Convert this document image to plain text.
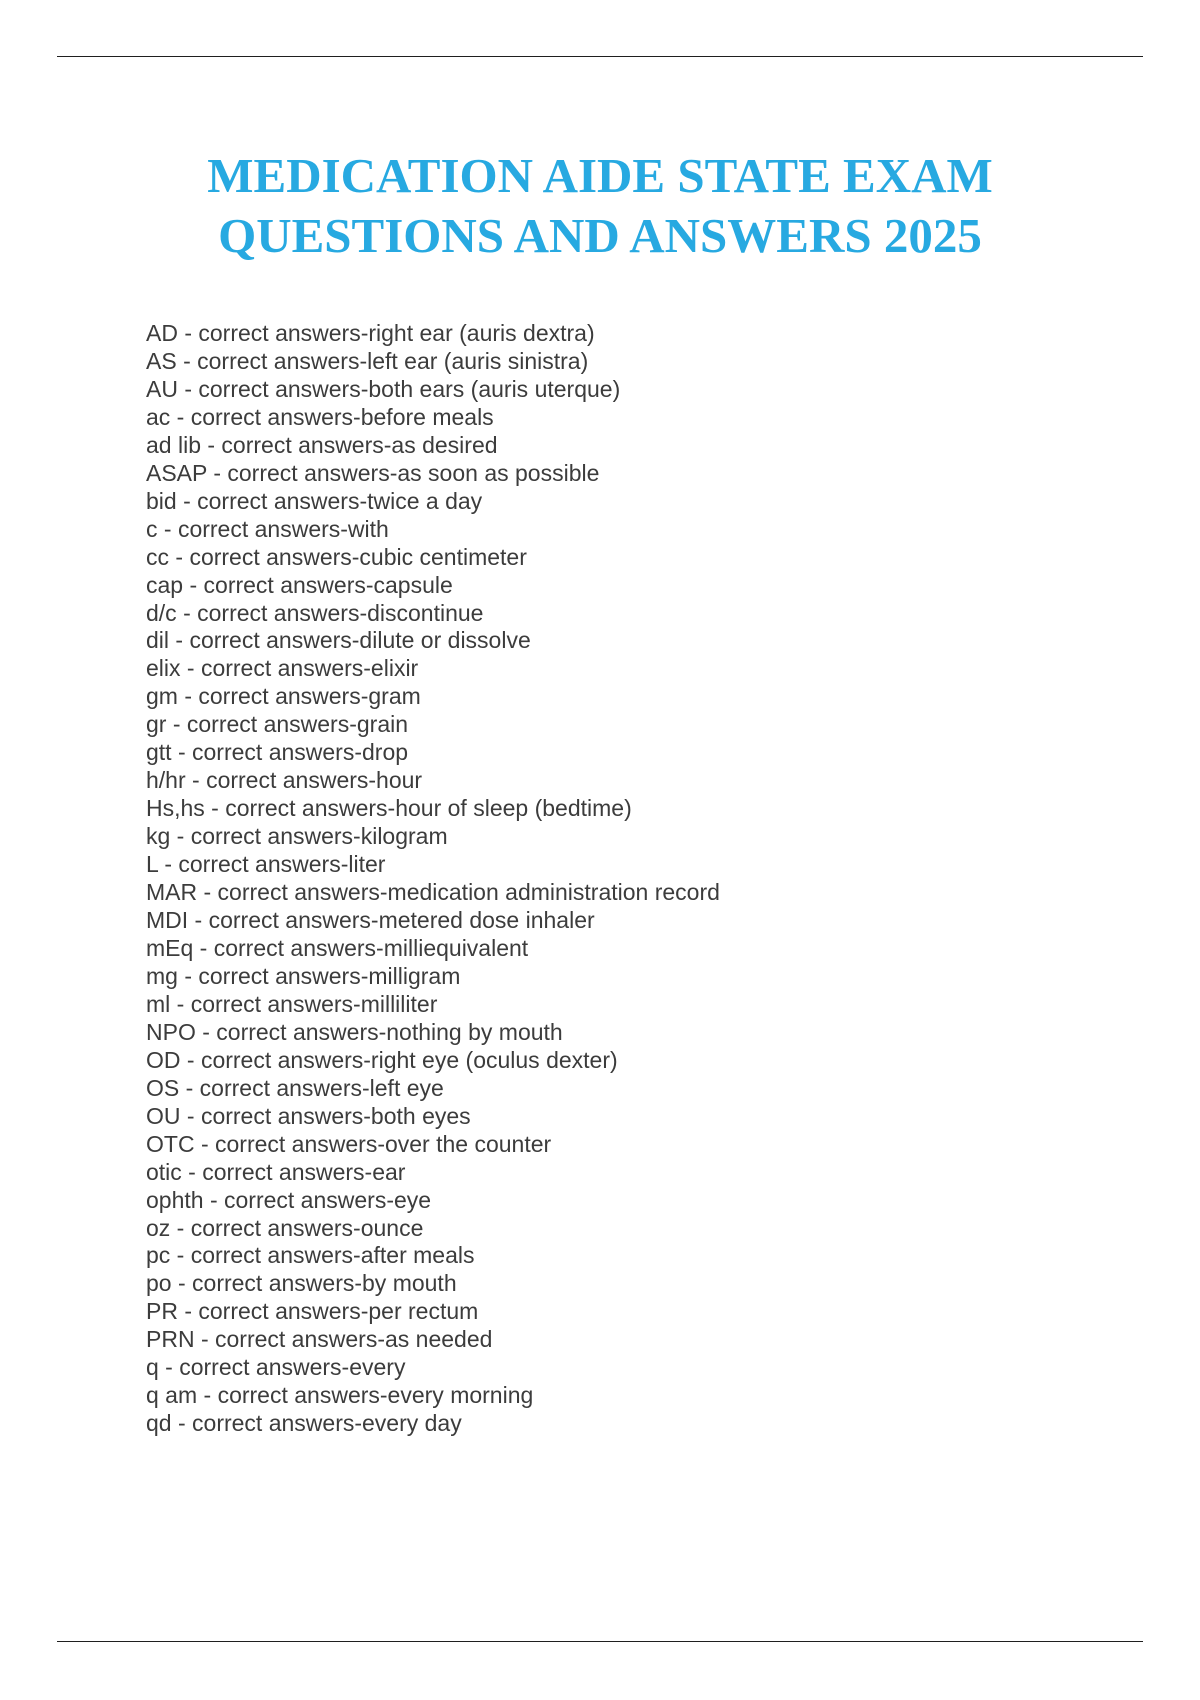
MEDICATION AIDE STATE EXAM
QUESTIONS AND ANSWERS 2025
AD - correct answers-right ear (auris dextra)
AS - correct answers-left ear (auris sinistra)
AU - correct answers-both ears (auris uterque)
ac - correct answers-before meals
ad lib - correct answers-as desired
ASAP - correct answers-as soon as possible
bid - correct answers-twice a day
c - correct answers-with
cc - correct answers-cubic centimeter
cap - correct answers-capsule
d/c - correct answers-discontinue
dil - correct answers-dilute or dissolve
elix - correct answers-elixir
gm - correct answers-gram
gr - correct answers-grain
gtt - correct answers-drop
h/hr - correct answers-hour
Hs,hs - correct answers-hour of sleep (bedtime)
kg - correct answers-kilogram
L - correct answers-liter
MAR - correct answers-medication administration record
MDI - correct answers-metered dose inhaler
mEq - correct answers-milliequivalent
mg - correct answers-milligram
ml - correct answers-milliliter
NPO - correct answers-nothing by mouth
OD - correct answers-right eye (oculus dexter)
OS - correct answers-left eye
OU - correct answers-both eyes
OTC - correct answers-over the counter
otic - correct answers-ear
ophth - correct answers-eye
oz - correct answers-ounce
pc - correct answers-after meals
po - correct answers-by mouth
PR - correct answers-per rectum
PRN - correct answers-as needed
q - correct answers-every
q am - correct answers-every morning
qd - correct answers-every day
